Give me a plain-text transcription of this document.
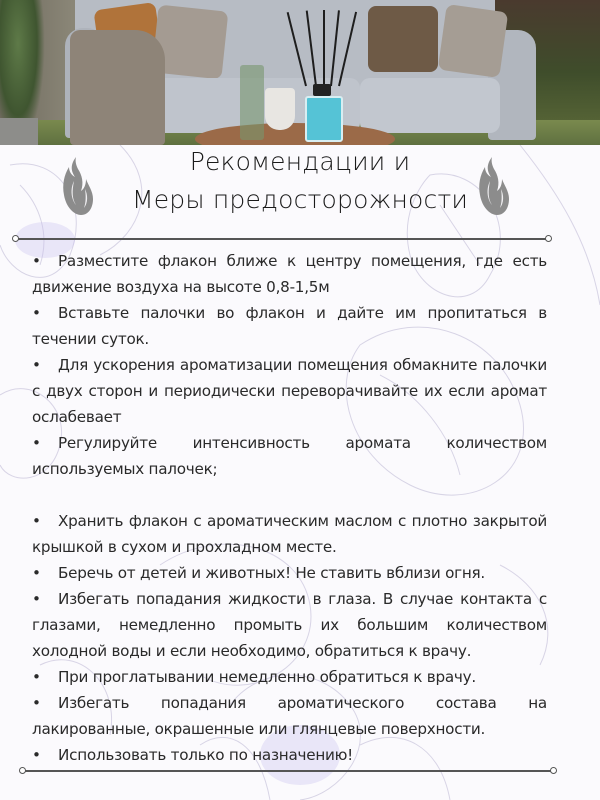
Рекомендации и
Меры предосторожности

• Разместите флакон ближе к центру помещения, где есть движение воздуха на высоте 0,8-1,5м

• Вставьте палочки во флакон и дайте им пропитаться в течении суток.

• Для ускорения ароматизации помещения обмакните палочки с двух сторон и периодически переворачивайте их если аромат ослабевает

• Регулируйте интенсивность аромата количеством используемых палочек;

• Хранить флакон с ароматическим маслом с плотно закрытой крышкой в сухом и прохладном месте.

• Беречь от детей и животных! Не ставить вблизи огня.

• Избегать попадания жидкости в глаза. В случае контакта с глазами, немедленно промыть их большим количеством холодной воды и если необходимо, обратиться к врачу.

• При проглатывании немедленно обратиться к врачу.

• Избегать попадания ароматического состава на лакированные, окрашенные или глянцевые поверхности.

• Использовать только по назначению!
